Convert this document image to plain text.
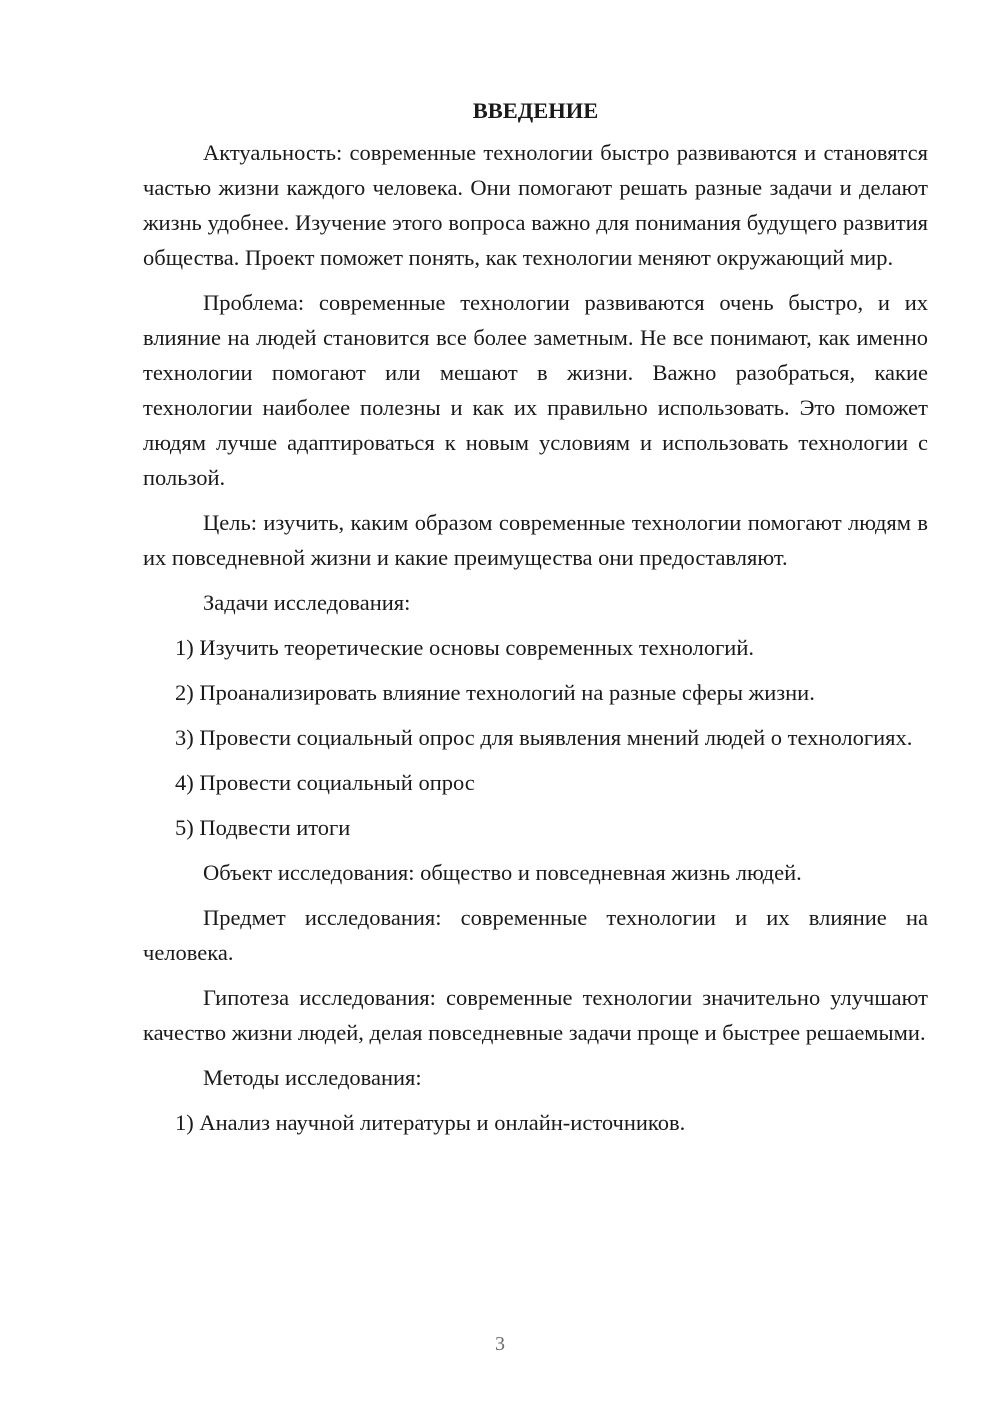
ВВЕДЕНИЕ

Актуальность: современные технологии быстро развиваются и становятся частью жизни каждого человека. Они помогают решать разные задачи и делают жизнь удобнее. Изучение этого вопроса важно для понимания будущего развития общества. Проект поможет понять, как технологии меняют окружающий мир.

Проблема: современные технологии развиваются очень быстро, и их влияние на людей становится все более заметным. Не все понимают, как именно технологии помогают или мешают в жизни. Важно разобраться, какие технологии наиболее полезны и как их правильно использовать. Это поможет людям лучше адаптироваться к новым условиям и использовать технологии с пользой.

Цель: изучить, каким образом современные технологии помогают людям в их повседневной жизни и какие преимущества они предоставляют.

Задачи исследования:

1) Изучить теоретические основы современных технологий.

2) Проанализировать влияние технологий на разные сферы жизни.

3) Провести социальный опрос для выявления мнений людей о технологиях.

4) Провести социальный опрос

5) Подвести итоги

Объект исследования: общество и повседневная жизнь людей.

Предмет исследования: современные технологии и их влияние на человека.

Гипотеза исследования: современные технологии значительно улучшают качество жизни людей, делая повседневные задачи проще и быстрее решаемыми.

Методы исследования:

1) Анализ научной литературы и онлайн-источников.

3
